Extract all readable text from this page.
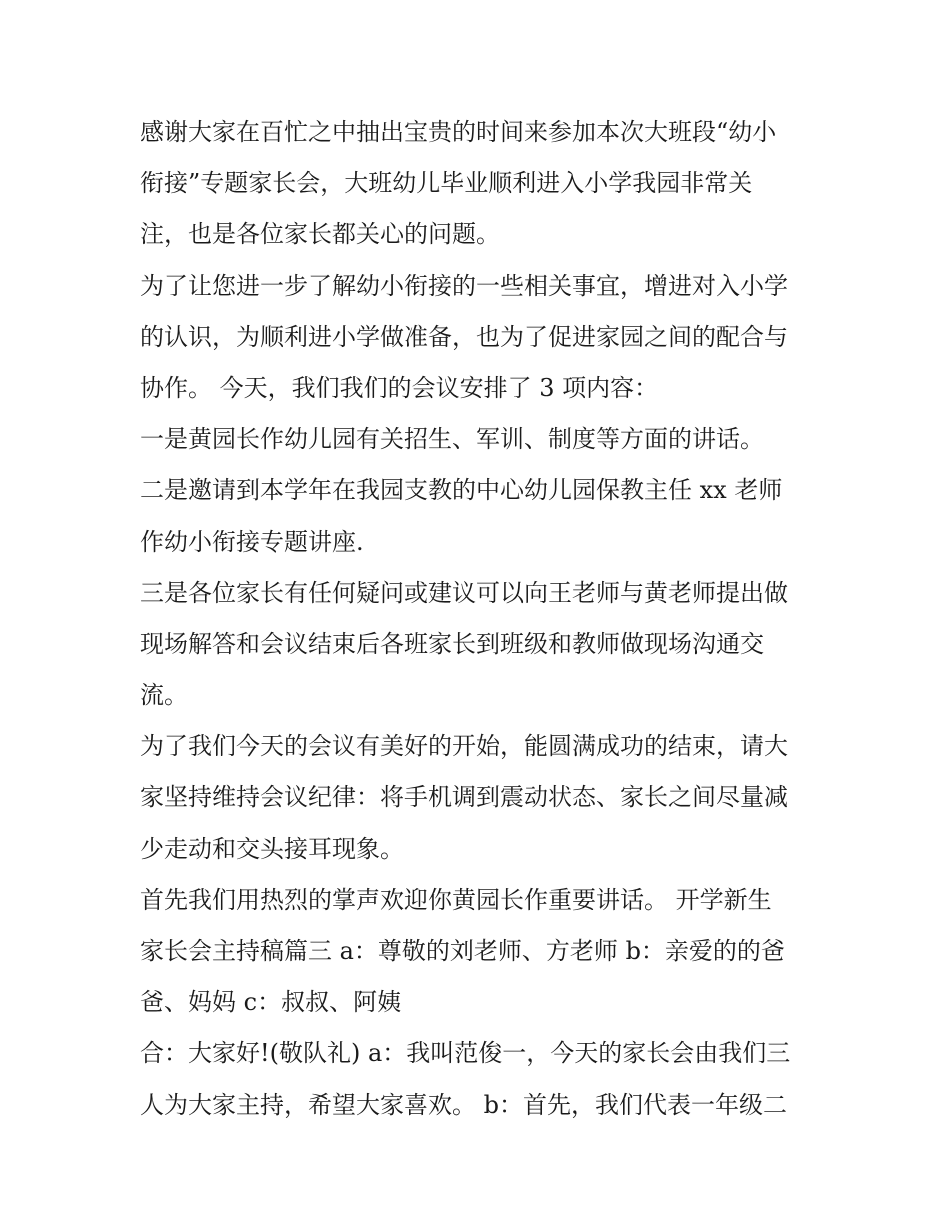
感谢大家在百忙之中抽出宝贵的时间来参加本次大班段“幼小
衔接”专题家长会，大班幼儿毕业顺利进入小学我园非常关
注，也是各位家长都关心的问题。
为了让您进一步了解幼小衔接的一些相关事宜，增进对入小学
的认识，为顺利进小学做准备，也为了促进家园之间的配合与
协作。 今天，我们我们的会议安排了 3 项内容：
一是黄园长作幼儿园有关招生、军训、制度等方面的讲话。
二是邀请到本学年在我园支教的中心幼儿园保教主任 xx 老师
作幼小衔接专题讲座.
三是各位家长有任何疑问或建议可以向王老师与黄老师提出做
现场解答和会议结束后各班家长到班级和教师做现场沟通交
流。
为了我们今天的会议有美好的开始，能圆满成功的结束，请大
家坚持维持会议纪律：将手机调到震动状态、家长之间尽量减
少走动和交头接耳现象。
首先我们用热烈的掌声欢迎你黄园长作重要讲话。 开学新生
家长会主持稿篇三 a：尊敬的刘老师、方老师 b：亲爱的的爸
爸、妈妈 c：叔叔、阿姨
合：大家好!(敬队礼) a：我叫范俊一，今天的家长会由我们三
人为大家主持，希望大家喜欢。 b：首先，我们代表一年级二
